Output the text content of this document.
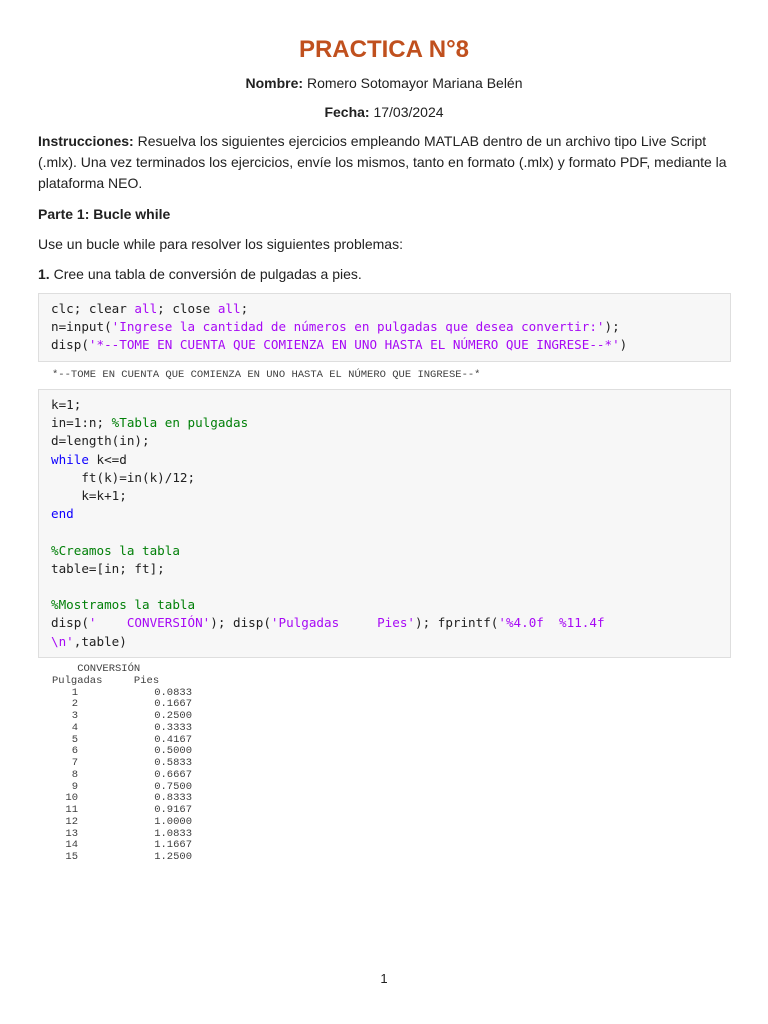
PRACTICA N°8
Nombre: Romero Sotomayor Mariana Belén
Fecha: 17/03/2024
Instrucciones: Resuelva los siguientes ejercicios empleando MATLAB dentro de un archivo tipo Live Script (.mlx). Una vez terminados los ejercicios, envíe los mismos, tanto en formato (.mlx) y formato PDF, mediante la plataforma NEO.
Parte 1: Bucle while
Use un bucle while para resolver los siguientes problemas:
1. Cree una tabla de conversión de pulgadas a pies.
clc; clear all; close all;
n=input('Ingrese la cantidad de números en pulgadas que desea convertir:');
disp('*--TOME EN CUENTA QUE COMIENZA EN UNO HASTA EL NÚMERO QUE INGRESE--*')
*--TOME EN CUENTA QUE COMIENZA EN UNO HASTA EL NÚMERO QUE INGRESE--*
k=1;
in=1:n; %Tabla en pulgadas
d=length(in);
while k<=d
ft(k)=in(k)/12;
k=k+1;
end

%Creamos la tabla
table=[in; ft];

%Mostramos la tabla
disp('    CONVERSIÓN'); disp('Pulgadas     Pies'); fprintf('%4.0f  %11.4f
\n',table)
CONVERSIÓN
Pulgadas     Pies
1	0.0833
2	0.1667
3	0.2500
4	0.3333
5	0.4167
6	0.5000
7	0.5833
8	0.6667
9	0.7500
10	0.8333
11	0.9167
12	1.0000
13	1.0833
14	1.1667
15	1.2500
1
